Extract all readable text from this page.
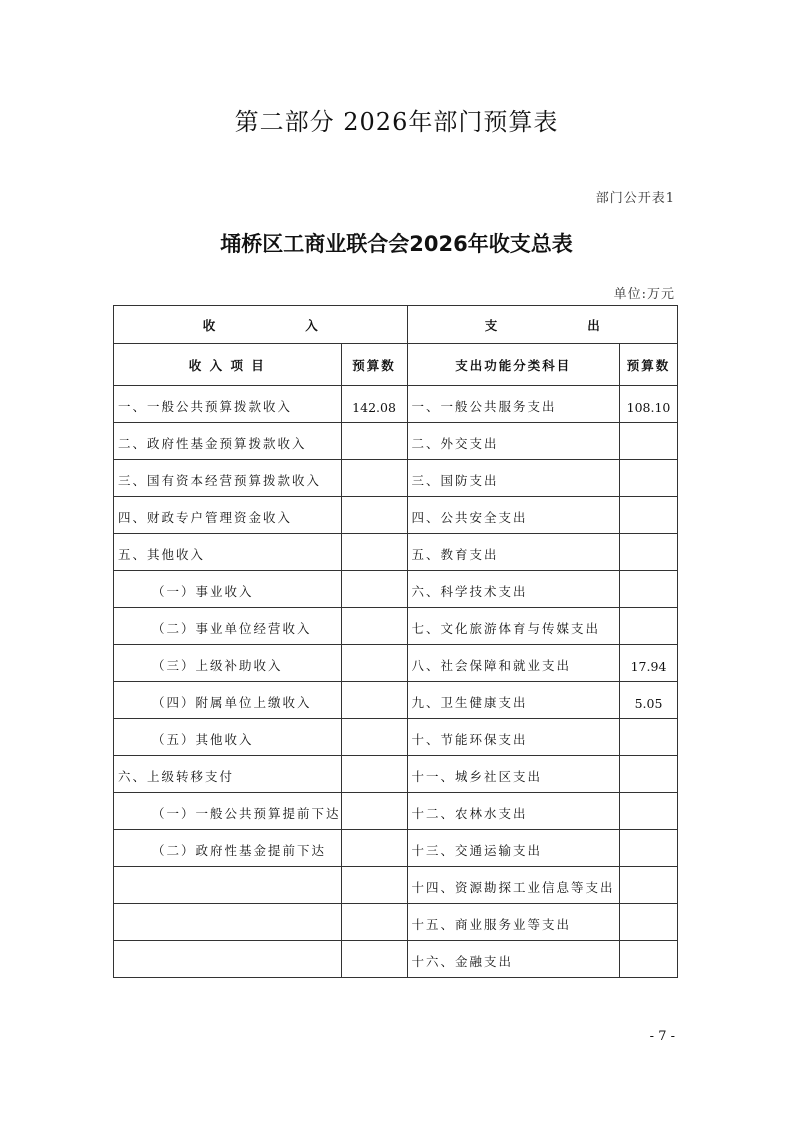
第二部分 2026年部门预算表
部门公开表1
埇桥区工商业联合会2026年收支总表
单位:万元
收 入		支 出	
收 入 项 目	预算数	支出功能分类科目	预算数
一、一般公共预算拨款收入	142.08	一、一般公共服务支出	108.10
二、政府性基金预算拨款收入		二、外交支出	
三、国有资本经营预算拨款收入		三、国防支出	
四、财政专户管理资金收入		四、公共安全支出	
五、其他收入		五、教育支出	
（一）事业收入		六、科学技术支出	
（二）事业单位经营收入		七、文化旅游体育与传媒支出	
（三）上级补助收入		八、社会保障和就业支出	17.94
（四）附属单位上缴收入		九、卫生健康支出	5.05
（五）其他收入		十、节能环保支出	
六、上级转移支付		十一、城乡社区支出	
（一）一般公共预算提前下达		十二、农林水支出	
（二）政府性基金提前下达		十三、交通运输支出	
		十四、资源勘探工业信息等支出	
		十五、商业服务业等支出	
		十六、金融支出	
- 7 -
